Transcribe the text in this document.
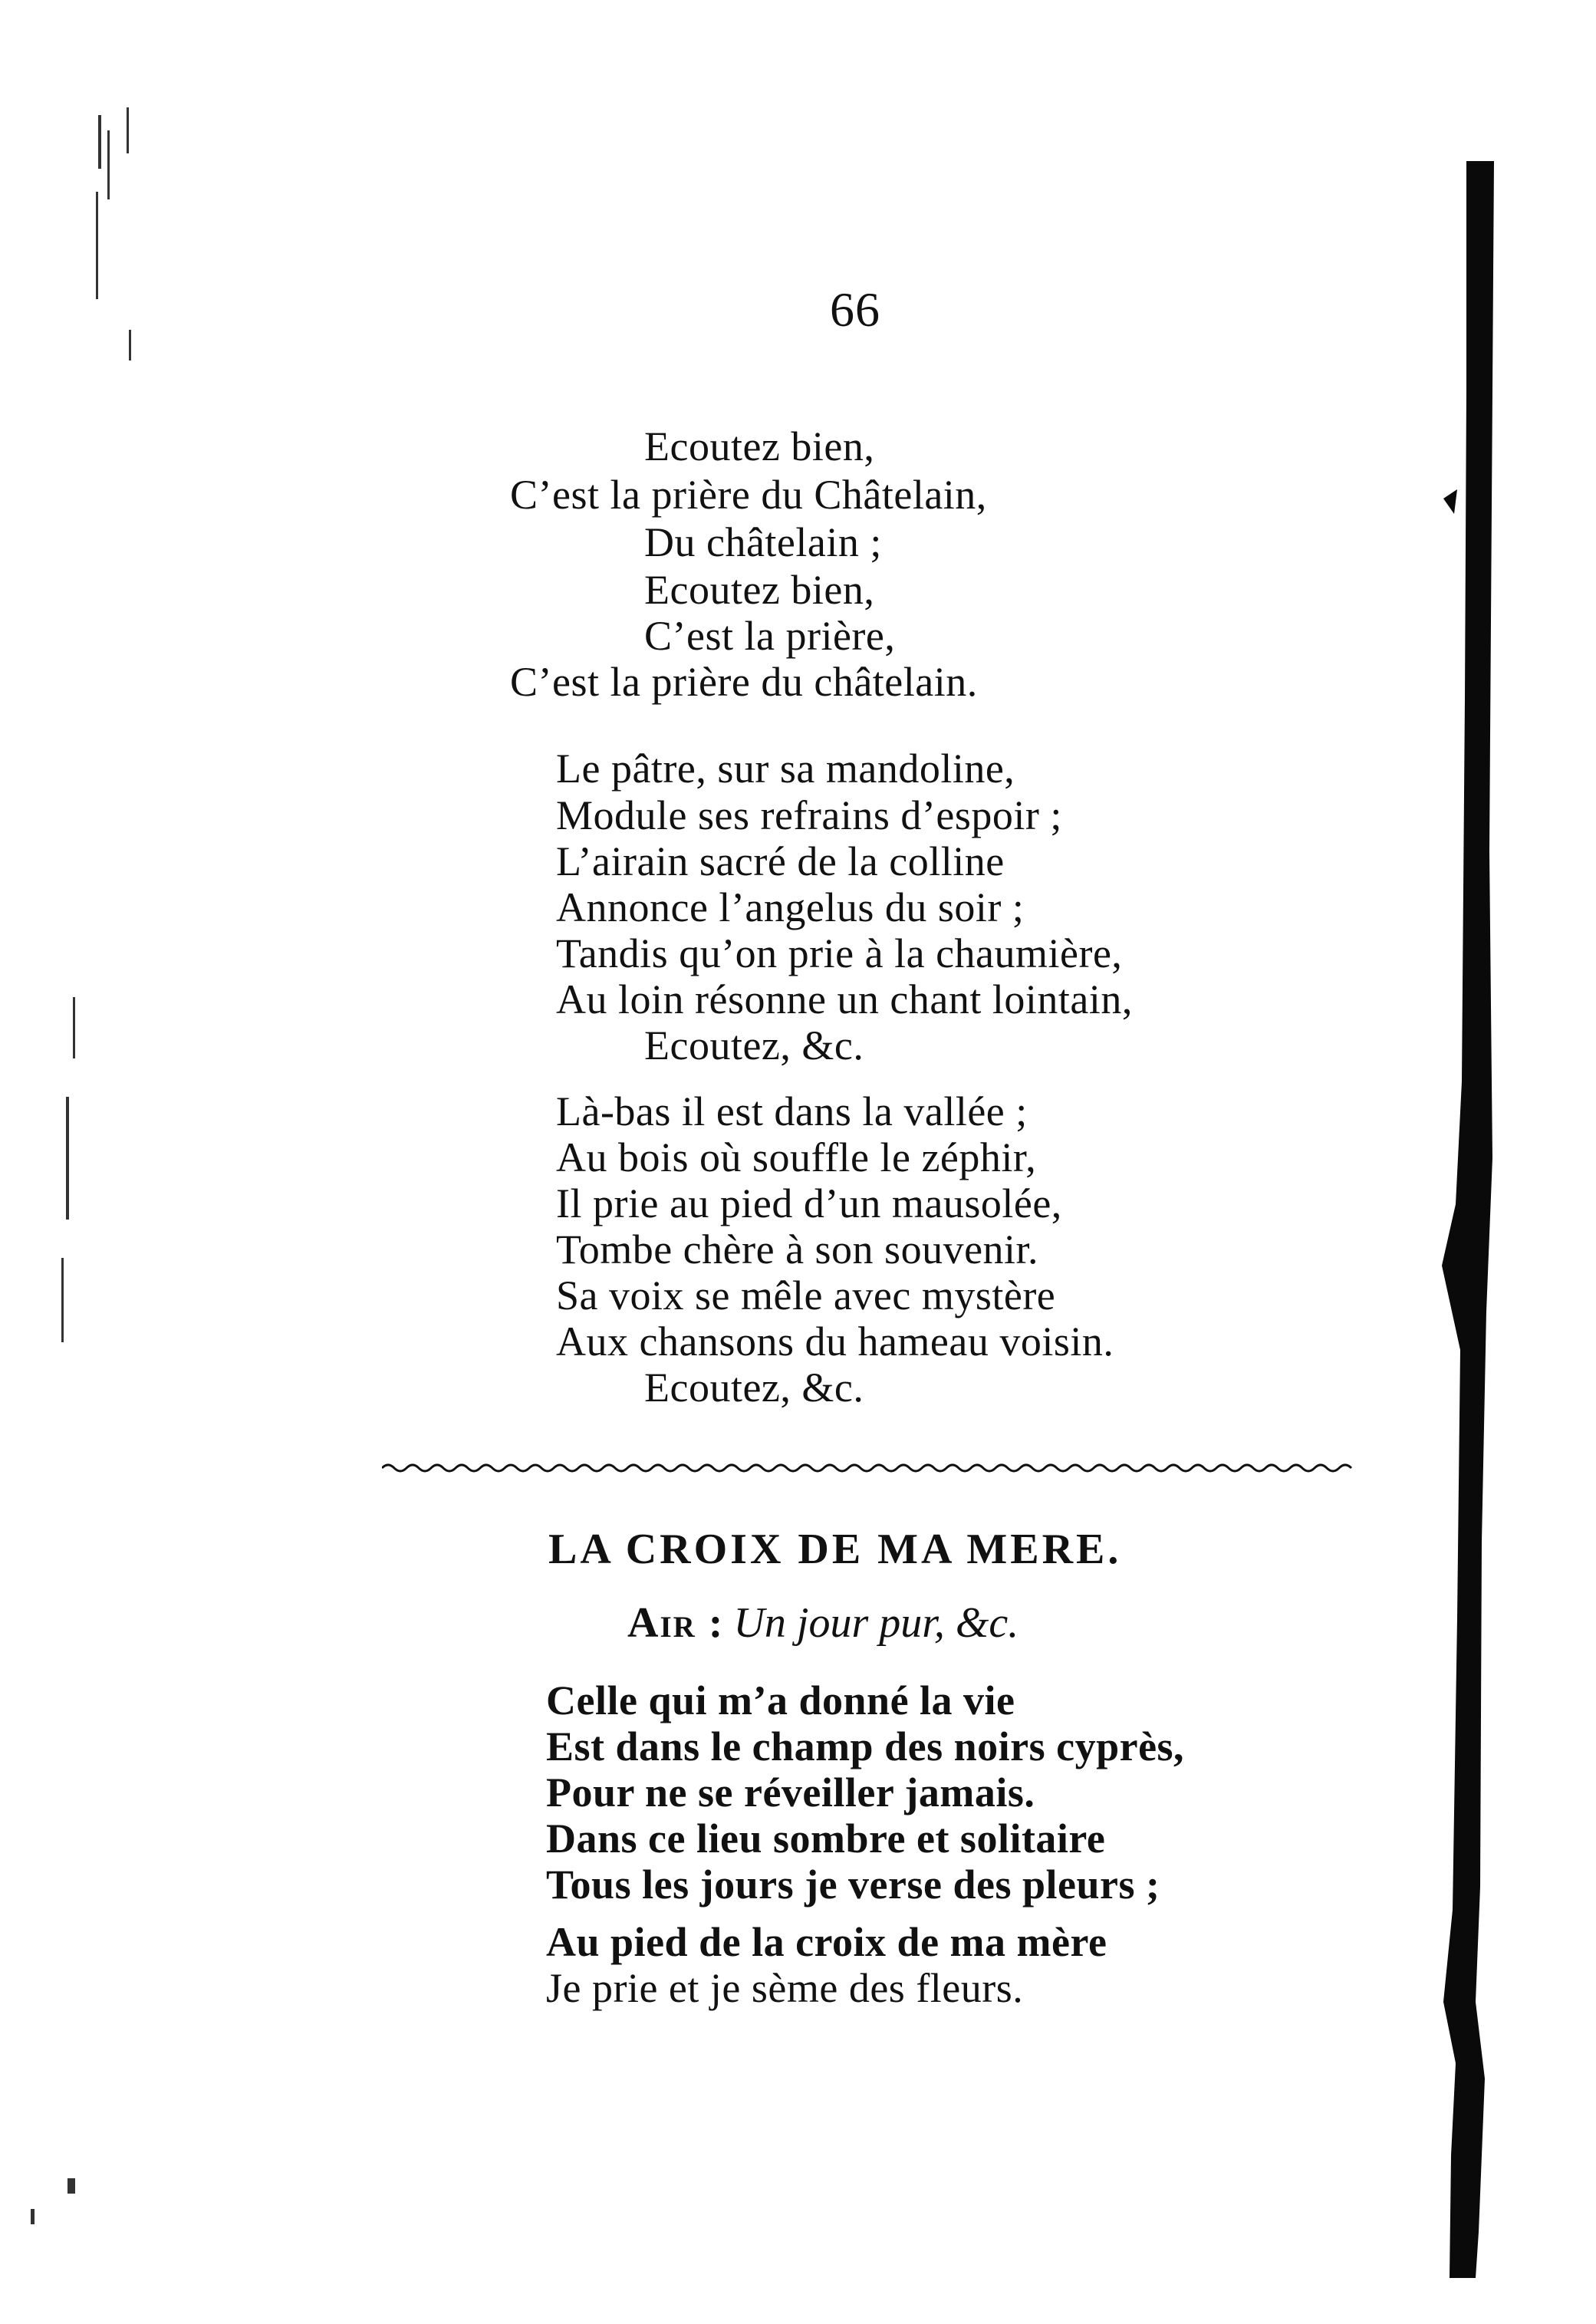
66
Ecoutez bien,
C’est la prière du Châtelain,
Du châtelain ;
Ecoutez bien,
C’est la prière,
C’est la prière du châtelain.
Le pâtre, sur sa mandoline,
Module ses refrains d’espoir ;
L’airain sacré de la colline
Annonce l’angelus du soir ;
Tandis qu’on prie à la chaumière,
Au loin résonne un chant lointain,
Ecoutez, &c.
Là-bas il est dans la vallée ;
Au bois où souffle le zéphir,
Il prie au pied d’un mausolée,
Tombe chère à son souvenir.
Sa voix se mêle avec mystère
Aux chansons du hameau voisin.
Ecoutez, &c.
LA CROIX DE MA MERE.
Air : Un jour pur, &c.
Celle qui m’a donné la vie
Est dans le champ des noirs cyprès,
Pour ne se réveiller jamais.
Dans ce lieu sombre et solitaire
Tous les jours je verse des pleurs ;
Au pied de la croix de ma mère
Je prie et je sème des fleurs.
